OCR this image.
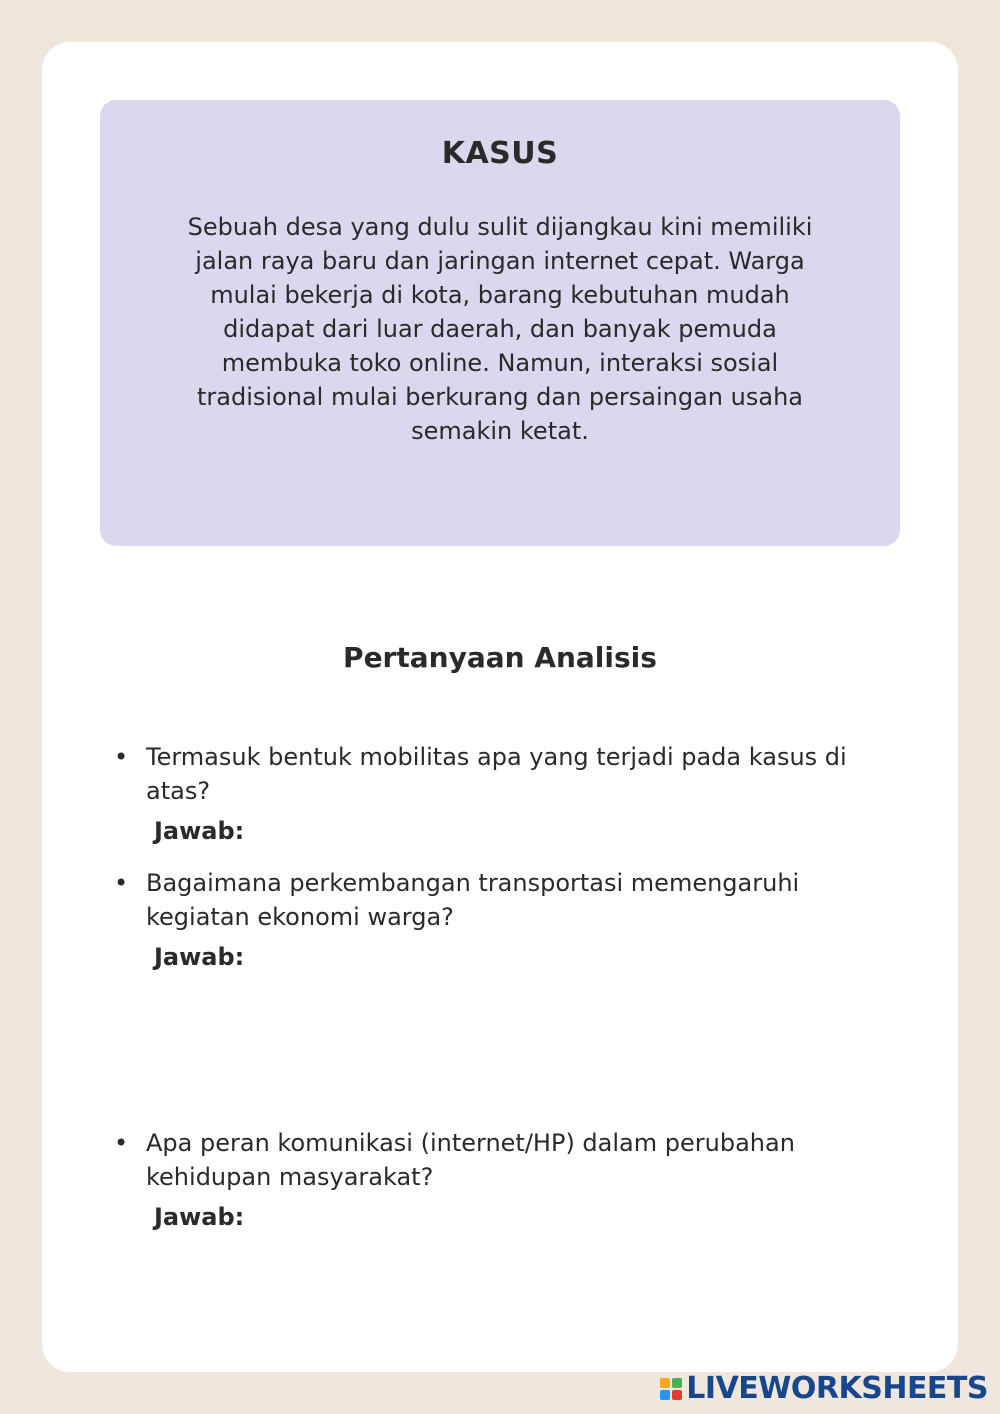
KASUS

Sebuah desa yang dulu sulit dijangkau kini memiliki jalan raya baru dan jaringan internet cepat. Warga mulai bekerja di kota, barang kebutuhan mudah didapat dari luar daerah, dan banyak pemuda membuka toko online. Namun, interaksi sosial tradisional mulai berkurang dan persaingan usaha semakin ketat.

Pertanyaan Analisis
• Termasuk bentuk mobilitas apa yang terjadi pada kasus di atas?
Jawab:
• Bagaimana perkembangan transportasi memengaruhi kegiatan ekonomi warga?
Jawab:
• Apa peran komunikasi (internet/HP) dalam perubahan kehidupan masyarakat?
Jawab:
LIVEWORKSHEETS
